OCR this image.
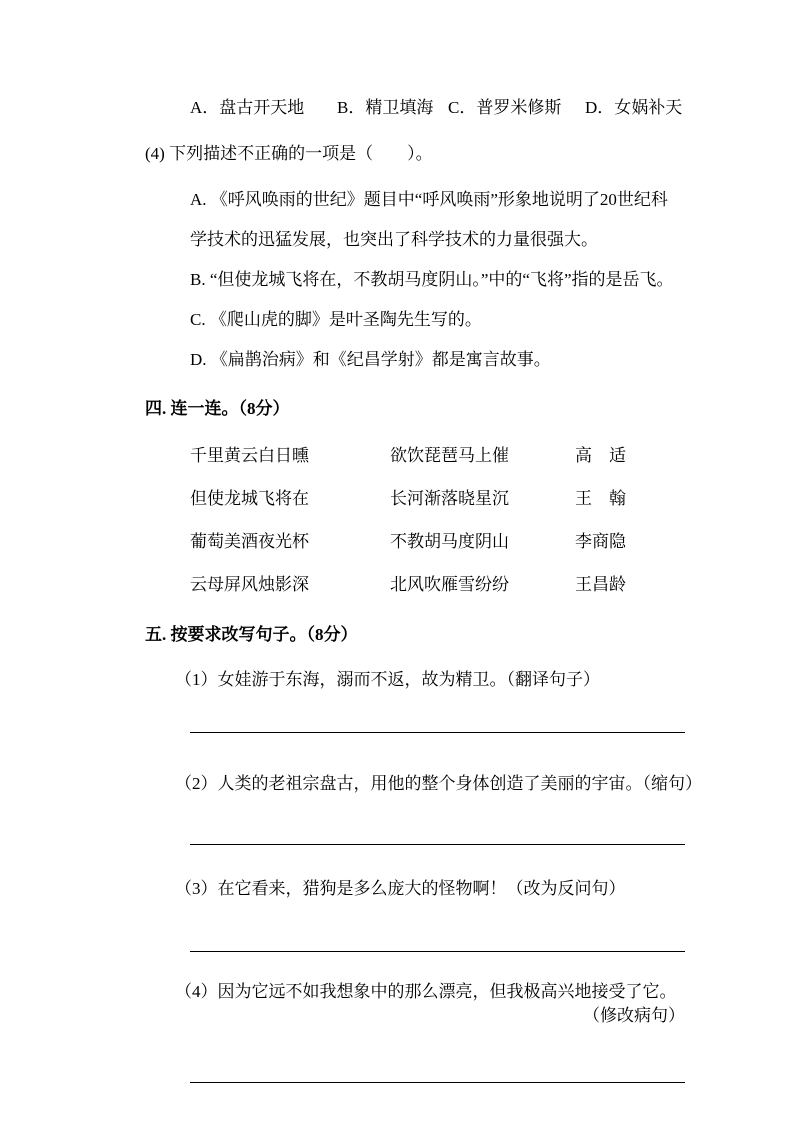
A．盘古开天地	B．精卫填海 C．普罗米修斯	D．女娲补天

(4) 下列描述不正确的一项是（　　）。

A. 《呼风唤雨的世纪》题目中“呼风唤雨”形象地说明了20世纪科学技术的迅猛发展，也突出了科学技术的力量很强大。

B. “但使龙城飞将在，不教胡马度阴山。”中的“飞将”指的是岳飞。

C. 《爬山虎的脚》是叶圣陶先生写的。

D. 《扁鹊治病》和《纪昌学射》都是寓言故事。

四. 连一连。（8分）
千里黄云白日曛	欲饮琵琶马上催	高　适
但使龙城飞将在	长河渐落晓星沉	王　翰
葡萄美酒夜光杯	不教胡马度阴山	李商隐
云母屏风烛影深	北风吹雁雪纷纷	王昌龄
五. 按要求改写句子。（8分）

（1）女娃游于东海，溺而不返，故为精卫。（翻译句子）

（2）人类的老祖宗盘古，用他的整个身体创造了美丽的宇宙。（缩句）

（3）在它看来，猎狗是多么庞大的怪物啊！（改为反问句）

（4）因为它远不如我想象中的那么漂亮，但我极高兴地接受了它。

（修改病句）
